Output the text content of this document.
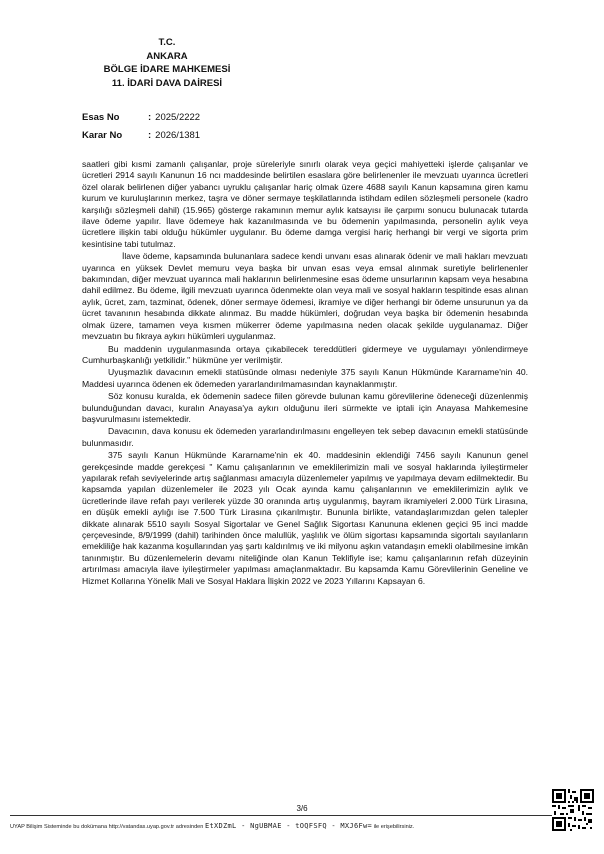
T.C.
ANKARA
BÖLGE İDARE MAHKEMESİ
11. İDARİ DAVA DAİRESİ
Esas No	: 2025/2222
Karar No	: 2026/1381

saatleri gibi kısmi zamanlı çalışanlar, proje süreleriyle sınırlı olarak veya geçici mahiyetteki işlerde çalışanlar ve ücretleri 2914 sayılı Kanunun 16 ncı maddesinde belirtilen esaslara göre belirlenenler ile mevzuatı uyarınca ücretleri özel olarak belirlenen diğer yabancı uyruklu çalışanlar hariç olmak üzere 4688 sayılı Kanun kapsamına giren kamu kurum ve kuruluşlarının merkez, taşra ve döner sermaye teşkilatlarında istihdam edilen sözleşmeli personele (kadro karşılığı sözleşmeli dahil) (15.965) gösterge rakamının memur aylık katsayısı ile çarpımı sonucu bulunacak tutarda ilave ödeme yapılır. İlave ödemeye hak kazanılmasında ve bu ödemenin yapılmasında, personelin aylık veya ücretlere ilişkin tabi olduğu hükümler uygulanır. Bu ödeme damga vergisi hariç herhangi bir vergi ve sigorta prim kesintisine tabi tutulmaz.

İlave ödeme, kapsamında bulunanlara sadece kendi unvanı esas alınarak ödenir ve mali hakları mevzuatı uyarınca en yüksek Devlet memuru veya başka bir unvan esas veya emsal alınmak suretiyle belirlenenler bakımından, diğer mevzuat uyarınca mali haklarının belirlenmesine esas ödeme unsurlarının kapsam veya hesabına dahil edilmez. Bu ödeme, ilgili mevzuatı uyarınca ödenmekte olan veya mali ve sosyal hakların tespitinde esas alınan aylık, ücret, zam, tazminat, ödenek, döner sermaye ödemesi, ikramiye ve diğer herhangi bir ödeme unsurunun ya da ücret tavanının hesabında dikkate alınmaz. Bu madde hükümleri, doğrudan veya başka bir ödemenin hesabında olmak üzere, tamamen veya kısmen mükerrer ödeme yapılmasına neden olacak şekilde uygulanamaz. Diğer mevzuatın bu fıkraya aykırı hükümleri uygulanmaz.

Bu maddenin uygulanmasında ortaya çıkabilecek tereddütleri gidermeye ve uygulamayı yönlendirmeye Cumhurbaşkanlığı yetkilidir." hükmüne yer verilmiştir.

Uyuşmazlık davacının emekli statüsünde olması nedeniyle 375 sayılı Kanun Hükmünde Kararname'nin 40. Maddesi uyarınca ödenen ek ödemeden yararlandırılmamasından kaynaklanmıştır.

Söz konusu kuralda, ek ödemenin sadece fiilen görevde bulunan kamu görevlilerine ödeneceği düzenlenmiş bulunduğundan davacı, kuralın Anayasa'ya aykırı olduğunu ileri sürmekte ve iptali için Anayasa Mahkemesine başvurulmasını istemektedir.

Davacının, dava konusu ek ödemeden yararlandırılmasını engelleyen tek sebep davacının emekli statüsünde bulunmasıdır.

375 sayılı Kanun Hükmünde Kararname'nin ek 40. maddesinin eklendiği 7456 sayılı Kanunun genel gerekçesinde madde gerekçesi " Kamu çalışanlarının ve emeklilerimizin mali ve sosyal haklarında iyileştirmeler yapılarak refah seviyelerinde artış sağlanması amacıyla düzenlemeler yapılmış ve yapılmaya devam edilmektedir. Bu kapsamda yapılan düzenlemeler ile 2023 yılı Ocak ayında kamu çalışanlarının ve emeklilerimizin aylık ve ücretlerinde ilave refah payı verilerek yüzde 30 oranında artış uygulanmış, bayram ikramiyeleri 2.000 Türk Lirasına, en düşük emekli aylığı ise 7.500 Türk Lirasına çıkarılmıştır. Bununla birlikte, vatandaşlarımızdan gelen talepler dikkate alınarak 5510 sayılı Sosyal Sigortalar ve Genel Sağlık Sigortası Kanununa eklenen geçici 95 inci madde çerçevesinde, 8/9/1999 (dahil) tarihinden önce malullük, yaşlılık ve ölüm sigortası kapsamında sigortalı sayılanların emekliliğe hak kazanma koşullarından yaş şartı kaldırılmış ve iki milyonu aşkın vatandaşın emekli olabilmesine imkân tanınmıştır. Bu düzenlemelerin devamı niteliğinde olan Kanun Teklifiyle ise; kamu çalışanlarının refah düzeyinin artırılması amacıyla ilave iyileştirmeler yapılması amaçlanmaktadır. Bu kapsamda Kamu Görevlilerinin Geneline ve Hizmet Kollarına Yönelik Mali ve Sosyal Haklara İlişkin 2022 ve 2023 Yıllarını Kapsayan 6.

3/6
UYAP Bilişim Sisteminde bu dokümana http://vatandas.uyap.gov.tr adresinden EtXDZmL - NgUBMAE - tOQFSFQ - MXJ6Fw= ile erişebilirsiniz.
